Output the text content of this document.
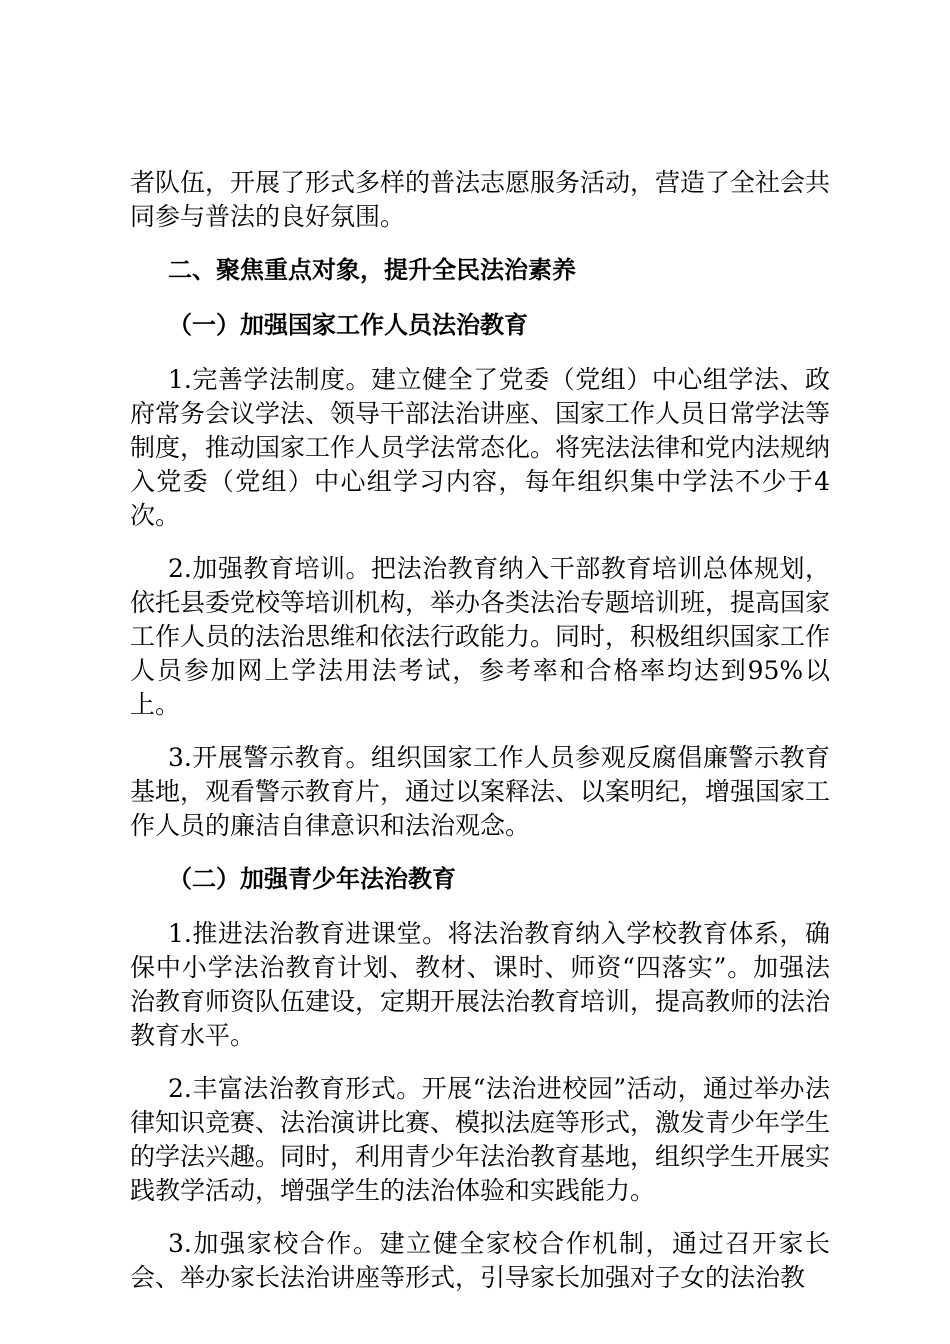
者队伍，开展了形式多样的普法志愿服务活动，营造了全社会共同参与普法的良好氛围。

二、聚焦重点对象，提升全民法治素养
（一）加强国家工作人员法治教育

1.完善学法制度。建立健全了党委（党组）中心组学法、政府常务会议学法、领导干部法治讲座、国家工作人员日常学法等制度，推动国家工作人员学法常态化。将宪法法律和党内法规纳入党委（党组）中心组学习内容，每年组织集中学法不少于4次。

2.加强教育培训。把法治教育纳入干部教育培训总体规划，依托县委党校等培训机构，举办各类法治专题培训班，提高国家工作人员的法治思维和依法行政能力。同时，积极组织国家工作人员参加网上学法用法考试，参考率和合格率均达到95%以上。

3.开展警示教育。组织国家工作人员参观反腐倡廉警示教育基地，观看警示教育片，通过以案释法、以案明纪，增强国家工作人员的廉洁自律意识和法治观念。

（二）加强青少年法治教育

1.推进法治教育进课堂。将法治教育纳入学校教育体系，确保中小学法治教育计划、教材、课时、师资“四落实”。加强法治教育师资队伍建设，定期开展法治教育培训，提高教师的法治教育水平。

2.丰富法治教育形式。开展“法治进校园”活动，通过举办法律知识竞赛、法治演讲比赛、模拟法庭等形式，激发青少年学生的学法兴趣。同时，利用青少年法治教育基地，组织学生开展实践教学活动，增强学生的法治体验和实践能力。

3.加强家校合作。建立健全家校合作机制，通过召开家长会、举办家长法治讲座等形式，引导家长加强对子女的法治教
